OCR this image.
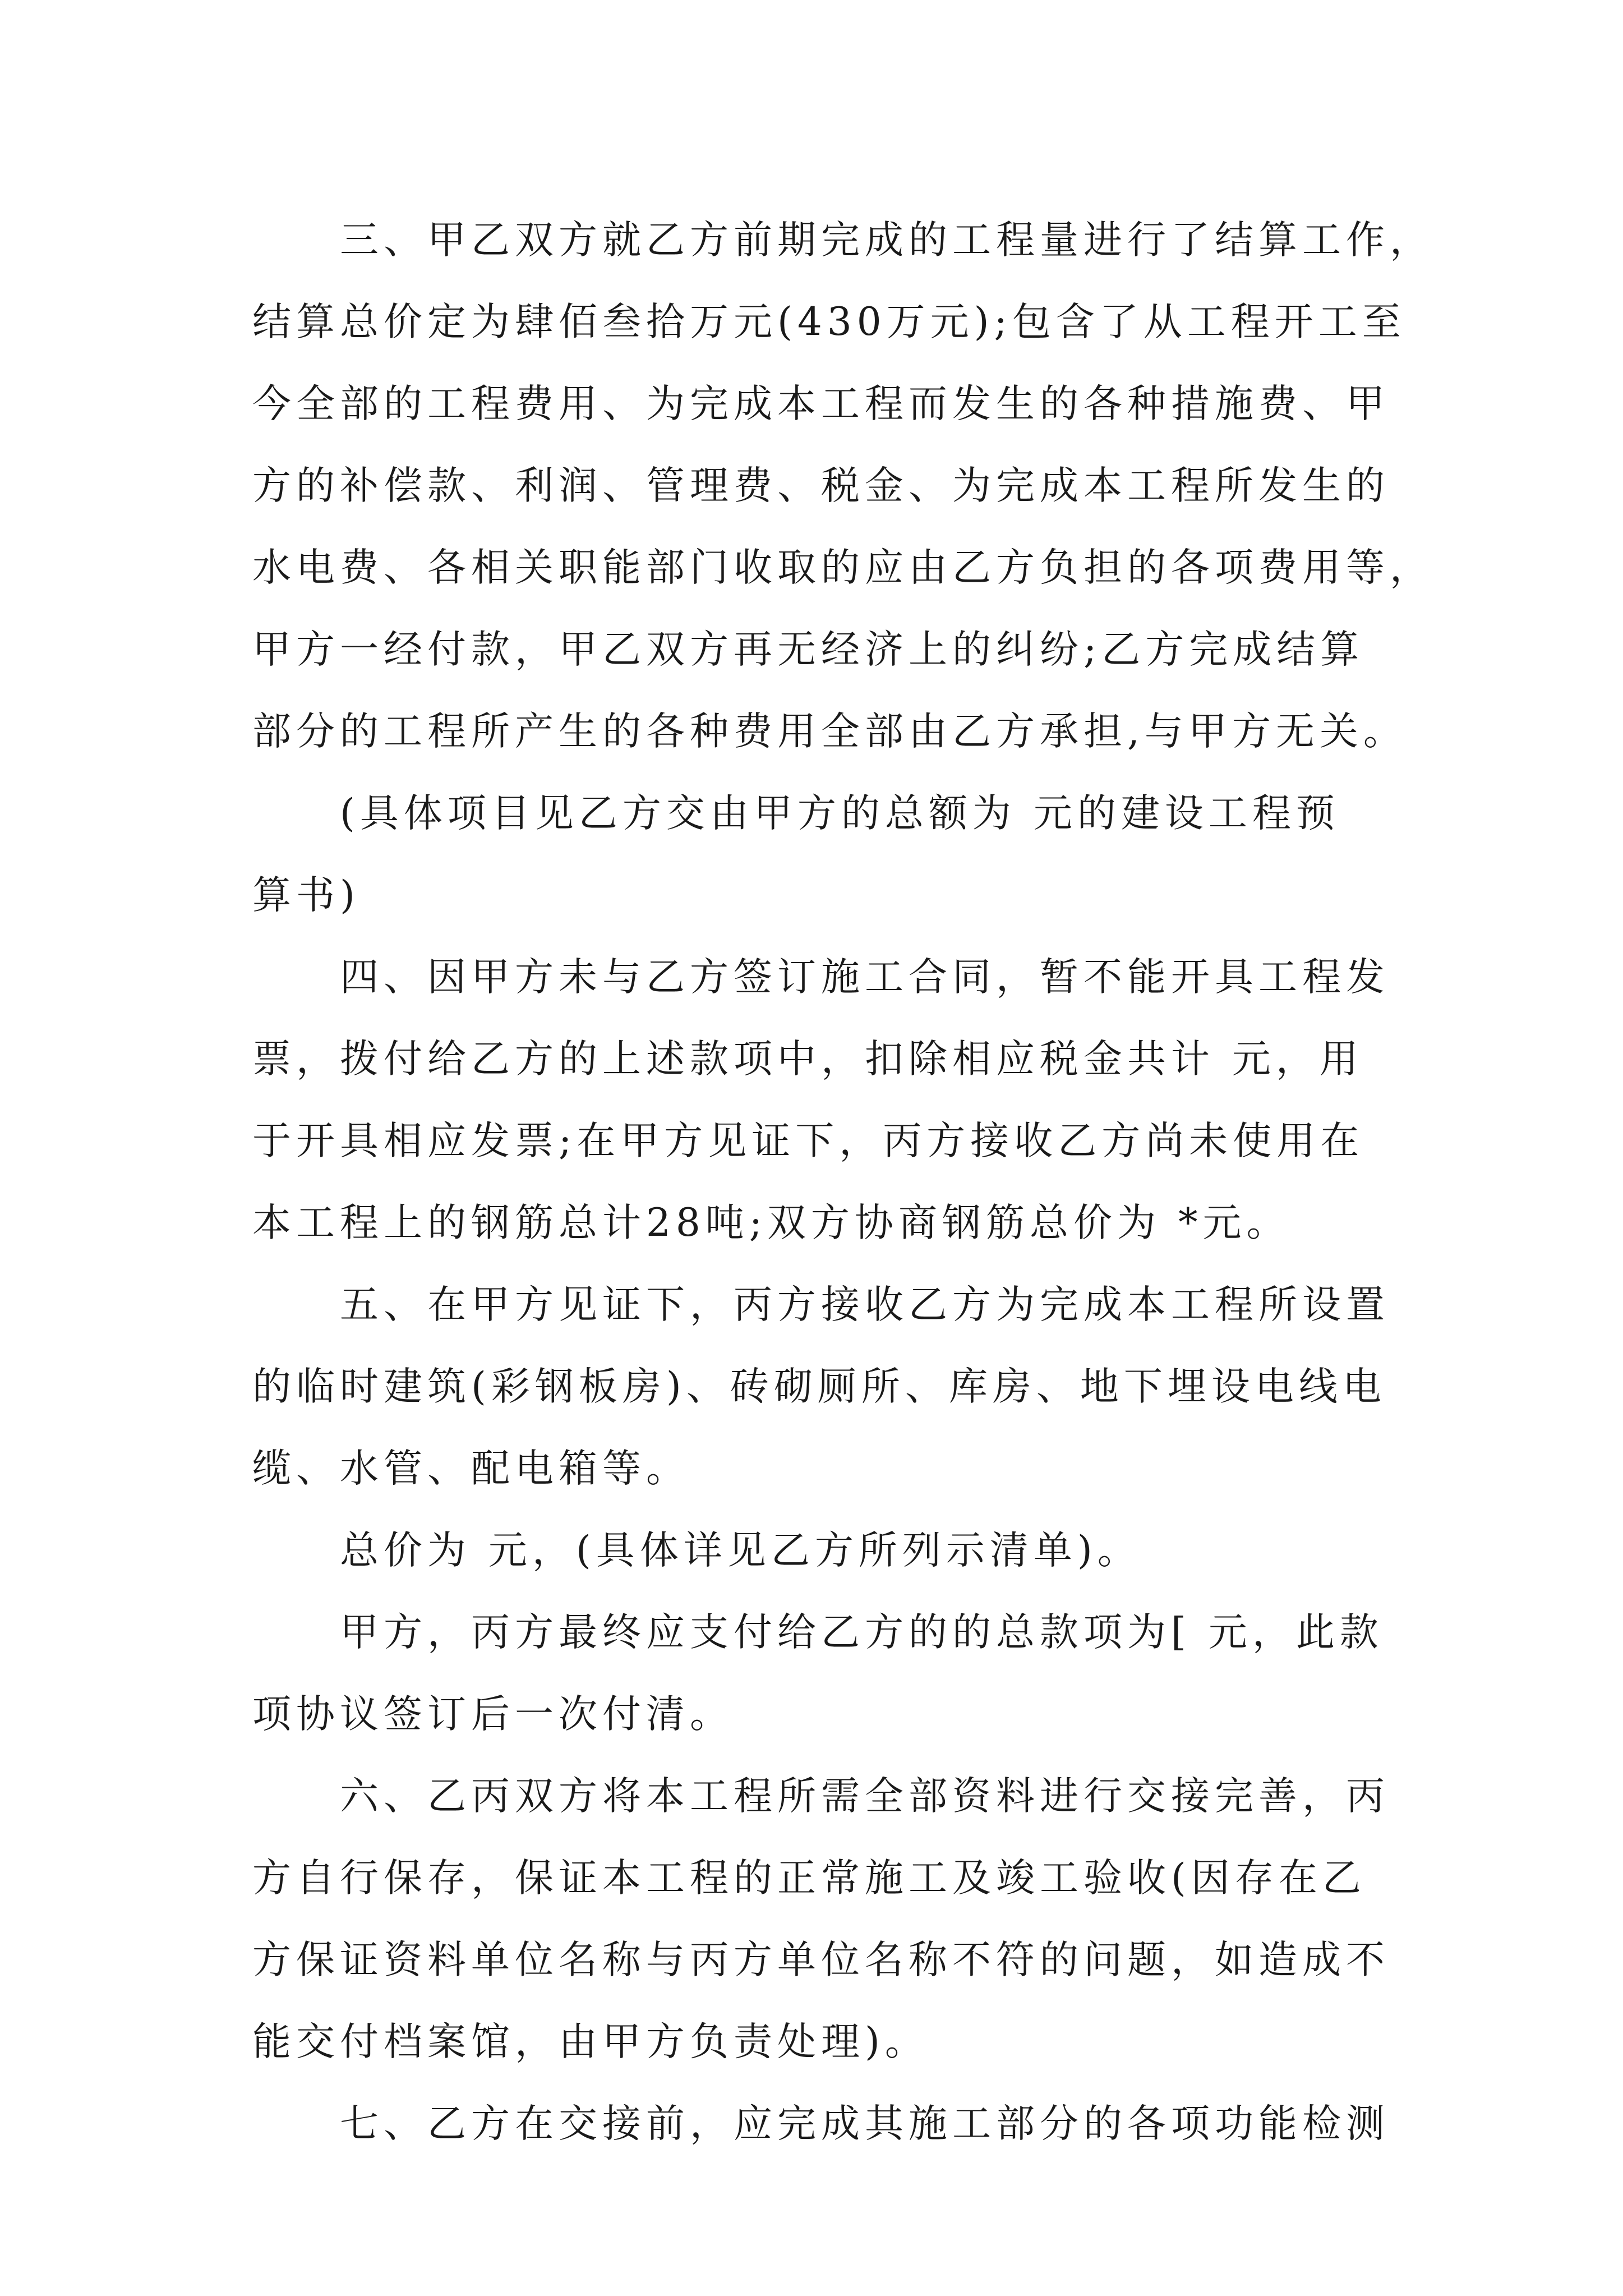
三、甲乙双方就乙方前期完成的工程量进行了结算工作，
结算总价定为肆佰叁拾万元(430万元);包含了从工程开工至
今全部的工程费用、为完成本工程而发生的各种措施费、甲
方的补偿款、利润、管理费、税金、为完成本工程所发生的
水电费、各相关职能部门收取的应由乙方负担的各项费用等，
甲方一经付款，甲乙双方再无经济上的纠纷;乙方完成结算
部分的工程所产生的各种费用全部由乙方承担,与甲方无关。
(具体项目见乙方交由甲方的总额为 元的建设工程预
算书)
四、因甲方未与乙方签订施工合同，暂不能开具工程发
票，拨付给乙方的上述款项中，扣除相应税金共计 元，用
于开具相应发票;在甲方见证下，丙方接收乙方尚未使用在
本工程上的钢筋总计28吨;双方协商钢筋总价为 *元。
五、在甲方见证下，丙方接收乙方为完成本工程所设置
的临时建筑(彩钢板房)、砖砌厕所、库房、地下埋设电线电
缆、水管、配电箱等。
总价为 元，(具体详见乙方所列示清单)。
甲方，丙方最终应支付给乙方的的总款项为[ 元，此款
项协议签订后一次付清。
六、乙丙双方将本工程所需全部资料进行交接完善，丙
方自行保存，保证本工程的正常施工及竣工验收(因存在乙
方保证资料单位名称与丙方单位名称不符的问题，如造成不
能交付档案馆，由甲方负责处理)。
七、乙方在交接前，应完成其施工部分的各项功能检测
